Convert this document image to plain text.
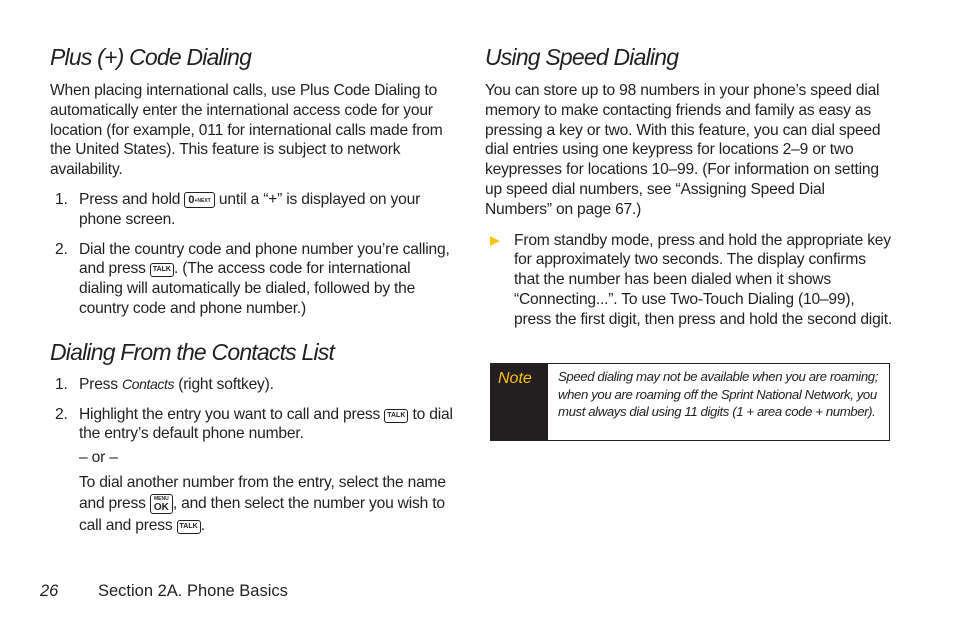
Plus (+) Code Dialing

When placing international calls, use Plus Code Dialing to automatically enter the international access code for your location (for example, 011 for international calls made from the United States). This feature is subject to network availability.

1. Press and hold 0+NEXT until a “+” is displayed on your phone screen.
2. Dial the country code and phone number you’re calling, and press TALK . (The access code for international dialing will automatically be dialed, followed by the country code and phone number.)
Dialing From the Contacts List
1. Press Contacts (right softkey).
2. Highlight the entry you want to call and press TALK to dial the entry’s default phone number.
– or –
To dial another number from the entry, select the name and press MENU
OK , and then select the number you wish to call and press TALK .
Using Speed Dialing

You can store up to 98 numbers in your phone’s speed dial memory to make contacting friends and family as easy as pressing a key or two. With this feature, you can dial speed dial entries using one keypress for locations 2–9 or two keypresses for locations 10–99. (For information on setting up speed dial numbers, see “Assigning Speed Dial Numbers” on page 67.)

From standby mode, press and hold the appropriate key for approximately two seconds. The display confirms that the number has been dialed when it shows “Connecting...”. To use Two-Touch Dialing (10–99), press the first digit, then press and hold the second digit.
Note	Speed dialing may not be available when you are roaming; when you are roaming off the Sprint National Network, you must always dial using 11 digits (1 + area code + number).
26 Section 2A. Phone Basics
